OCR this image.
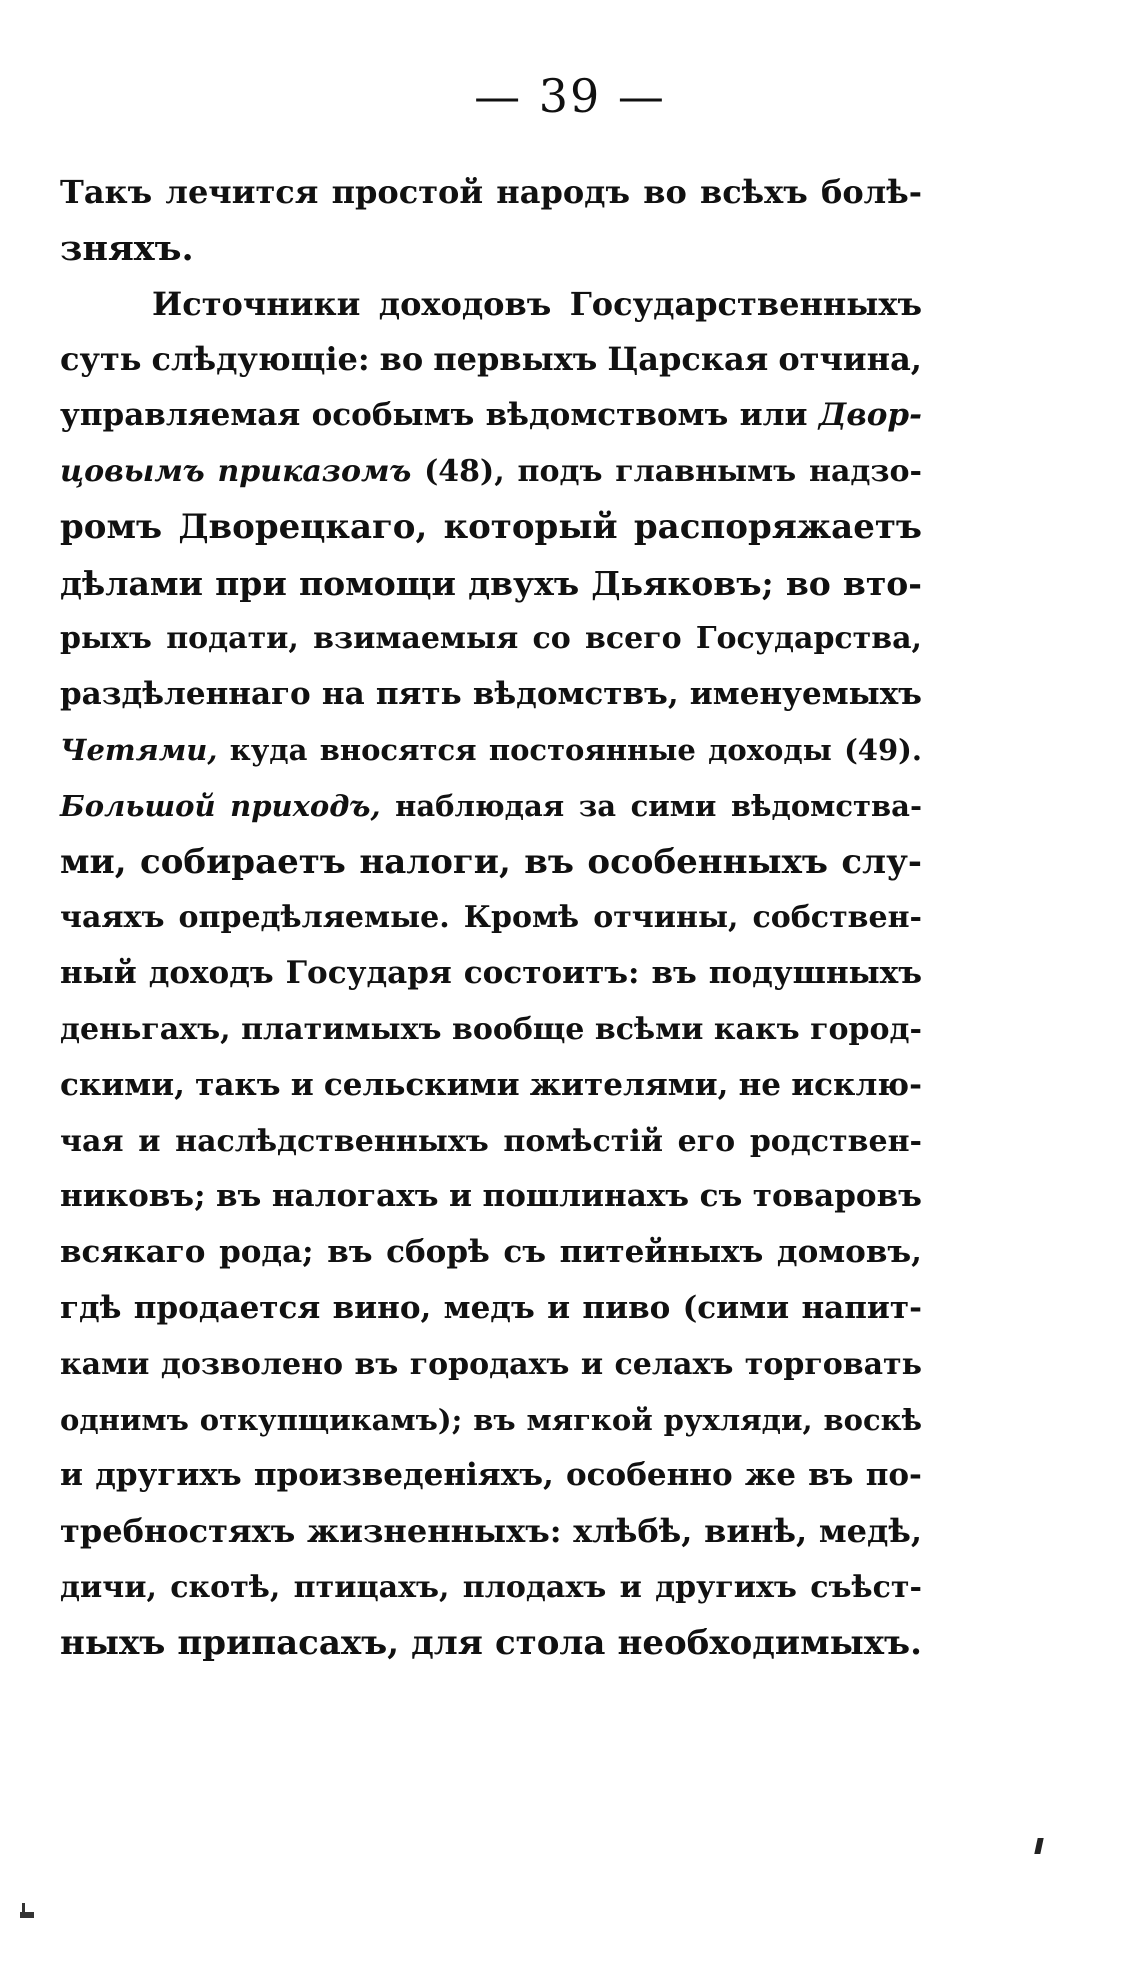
— 39 —
Такъ лечится простой народъ во всѣхъ болѣ-
зняхъ.
Источники доходовъ Государственныхъ
суть слѣдующіе: во первыхъ Царская отчина,
управляемая особымъ вѣдомствомъ или Двор-
цовымъ приказомъ (48), подъ главнымъ надзо-
ромъ Дворецкаго, который распоряжаетъ
дѣлами при помощи двухъ Дьяковъ; во вто-
рыхъ подати, взимаемыя со всего Государства,
раздѣленнаго на пять вѣдомствъ, именуемыхъ
Четями, куда вносятся постоянные доходы (49).
Большой приходъ, наблюдая за сими вѣдомства-
ми, собираетъ налоги, въ особенныхъ слу-
чаяхъ опредѣляемые. Кромѣ отчины, собствен-
ный доходъ Государя состоитъ: въ подушныхъ
деньгахъ, платимыхъ вообще всѣми какъ город-
скими, такъ и сельскими жителями, не исклю-
чая и наслѣдственныхъ помѣстій его родствен-
никовъ; въ налогахъ и пошлинахъ съ товаровъ
всякаго рода; въ сборѣ съ питейныхъ домовъ,
гдѣ продается вино, медъ и пиво (сими напит-
ками дозволено въ городахъ и селахъ торговать
однимъ откупщикамъ); въ мягкой рухляди, воскѣ
и другихъ произведеніяхъ, особенно же въ по-
требностяхъ жизненныхъ: хлѣбѣ, винѣ, медѣ,
дичи, скотѣ, птицахъ, плодахъ и другихъ съѣст-
ныхъ припасахъ, для стола необходимыхъ.
